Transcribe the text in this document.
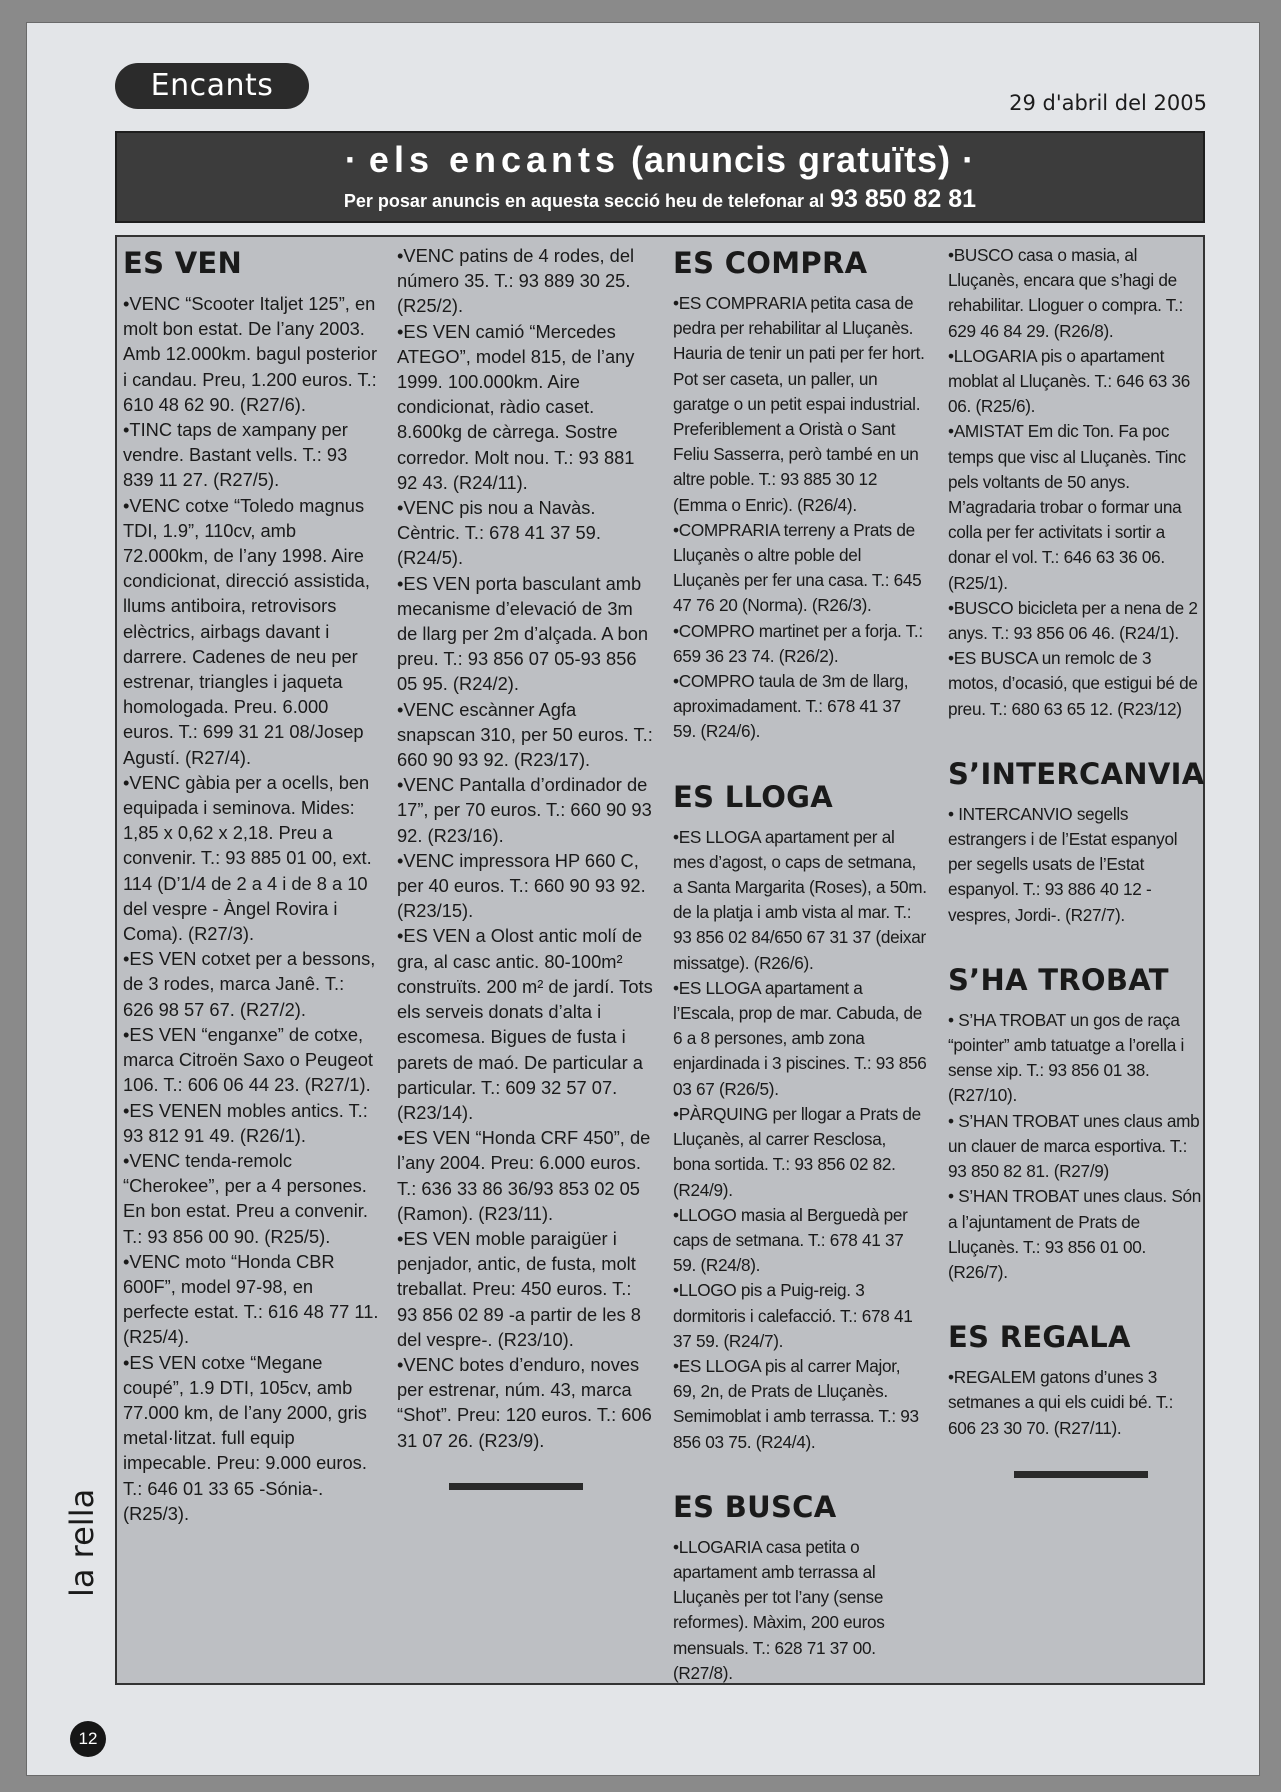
Encants	29 d'abril del 2005
· els encants (anuncis gratuïts) ·
Per posar anuncis en aquesta secció heu de telefonar al 93 850 82 81
ES VEN

•VENC “Scooter Italjet 125”, en molt bon estat. De l’any 2003. Amb 12.000km. bagul posterior i candau. Preu, 1.200 euros. T.: 610 48 62 90. (R27/6).

•TINC taps de xampany per vendre. Bastant vells. T.: 93 839 11 27. (R27/5).

•VENC cotxe “Toledo magnus TDI, 1.9”, 110cv, amb 72.000km, de l’any 1998. Aire condicionat, direcció assistida, llums antiboira, retrovisors elèctrics, airbags davant i darrere. Cadenes de neu per estrenar, triangles i jaqueta homologada. Preu. 6.000 euros. T.: 699 31 21 08/Josep Agustí. (R27/4).

•VENC gàbia per a ocells, ben equipada i seminova. Mides: 1,85 x 0,62 x 2,18. Preu a convenir. T.: 93 885 01 00, ext. 114 (D’1/4 de 2 a 4 i de 8 a 10 del vespre - Àngel Rovira i Coma). (R27/3).

•ES VEN cotxet per a bessons, de 3 rodes, marca Janê. T.: 626 98 57 67. (R27/2).

•ES VEN “enganxe” de cotxe, marca Citroën Saxo o Peugeot 106. T.: 606 06 44 23. (R27/1).

•ES VENEN mobles antics. T.: 93 812 91 49. (R26/1).

•VENC tenda-remolc “Cherokee”, per a 4 persones. En bon estat. Preu a convenir. T.: 93 856 00 90. (R25/5).

•VENC moto “Honda CBR 600F”, model 97-98, en perfecte estat. T.: 616 48 77 11. (R25/4).

•ES VEN cotxe “Megane coupé”, 1.9 DTI, 105cv, amb 77.000 km, de l’any 2000, gris metal·litzat. full equip impecable. Preu: 9.000 euros. T.: 646 01 33 65 -Sónia-. (R25/3).

•VENC patins de 4 rodes, del número 35. T.: 93 889 30 25. (R25/2).

•ES VEN camió “Mercedes ATEGO”, model 815, de l’any 1999. 100.000km. Aire condicionat, ràdio caset. 8.600kg de càrrega. Sostre corredor. Molt nou. T.: 93 881 92 43. (R24/11).

•VENC pis nou a Navàs. Cèntric. T.: 678 41 37 59. (R24/5).

•ES VEN porta basculant amb mecanisme d’elevació de 3m de llarg per 2m d’alçada. A bon preu. T.: 93 856 07 05-93 856 05 95. (R24/2).

•VENC escànner Agfa snapscan 310, per 50 euros. T.: 660 90 93 92. (R23/17).

•VENC Pantalla d’ordinador de 17”, per 70 euros. T.: 660 90 93 92. (R23/16).

•VENC impressora HP 660 C, per 40 euros. T.: 660 90 93 92. (R23/15).

•ES VEN a Olost antic molí de gra, al casc antic. 80-100m² construïts. 200 m² de jardí. Tots els serveis donats d’alta i escomesa. Bigues de fusta i parets de maó. De particular a particular. T.: 609 32 57 07. (R23/14).

•ES VEN “Honda CRF 450”, de l’any 2004. Preu: 6.000 euros. T.: 636 33 86 36/93 853 02 05 (Ramon). (R23/11).

•ES VEN moble paraigüer i penjador, antic, de fusta, molt treballat. Preu: 450 euros. T.: 93 856 02 89 -a partir de les 8 del vespre-. (R23/10).

•VENC botes d’enduro, noves per estrenar, núm. 43, marca “Shot”. Preu: 120 euros. T.: 606 31 07 26. (R23/9).

ES COMPRA

•ES COMPRARIA petita casa de pedra per rehabilitar al Lluçanès. Hauria de tenir un pati per fer hort. Pot ser caseta, un paller, un garatge o un petit espai industrial. Preferiblement a Oristà o Sant Feliu Sasserra, però també en un altre poble. T.: 93 885 30 12 (Emma o Enric). (R26/4).

•COMPRARIA terreny a Prats de Lluçanès o altre poble del Lluçanès per fer una casa. T.: 645 47 76 20 (Norma). (R26/3).

•COMPRO martinet per a forja. T.: 659 36 23 74. (R26/2).

•COMPRO taula de 3m de llarg, aproximadament. T.: 678 41 37 59. (R24/6).

ES LLOGA

•ES LLOGA apartament per al mes d’agost, o caps de setmana, a Santa Margarita (Roses), a 50m. de la platja i amb vista al mar. T.: 93 856 02 84/650 67 31 37 (deixar missatge). (R26/6).

•ES LLOGA apartament a l’Escala, prop de mar. Cabuda, de 6 a 8 persones, amb zona enjardinada i 3 piscines. T.: 93 856 03 67 (R26/5).

•PÀRQUING per llogar a Prats de Lluçanès, al carrer Resclosa, bona sortida. T.: 93 856 02 82. (R24/9).

•LLOGO masia al Berguedà per caps de setmana. T.: 678 41 37 59. (R24/8).

•LLOGO pis a Puig-reig. 3 dormitoris i calefacció. T.: 678 41 37 59. (R24/7).

•ES LLOGA pis al carrer Major, 69, 2n, de Prats de Lluçanès. Semimoblat i amb terrassa. T.: 93 856 03 75. (R24/4).

ES BUSCA

•LLOGARIA casa petita o apartament amb terrassa al Lluçanès per tot l’any (sense reformes). Màxim, 200 euros mensuals. T.: 628 71 37 00. (R27/8).

•BUSCO casa o masia, al Lluçanès, encara que s’hagi de rehabilitar. Lloguer o compra. T.: 629 46 84 29. (R26/8).

•LLOGARIA pis o apartament moblat al Lluçanès. T.: 646 63 36 06. (R25/6).

•AMISTAT Em dic Ton. Fa poc temps que visc al Lluçanès. Tinc pels voltants de 50 anys. M’agradaria trobar o formar una colla per fer activitats i sortir a donar el vol. T.: 646 63 36 06. (R25/1).

•BUSCO bicicleta per a nena de 2 anys. T.: 93 856 06 46. (R24/1).

•ES BUSCA un remolc de 3 motos, d’ocasió, que estigui bé de preu. T.: 680 63 65 12. (R23/12)

S’INTERCANVIA

• INTERCANVIO segells estrangers i de l’Estat espanyol per segells usats de l’Estat espanyol. T.: 93 886 40 12 -vespres, Jordi-. (R27/7).

S’HA TROBAT

• S’HA TROBAT un gos de raça “pointer” amb tatuatge a l’orella i sense xip. T.: 93 856 01 38. (R27/10).

• S’HAN TROBAT unes claus amb un clauer de marca esportiva. T.: 93 850 82 81. (R27/9)

• S’HAN TROBAT unes claus. Són a l’ajuntament de Prats de Lluçanès. T.: 93 856 01 00. (R26/7).

ES REGALA

•REGALEM gatons d’unes 3 setmanes a qui els cuidi bé. T.: 606 23 30 70. (R27/11).

la rella
12
